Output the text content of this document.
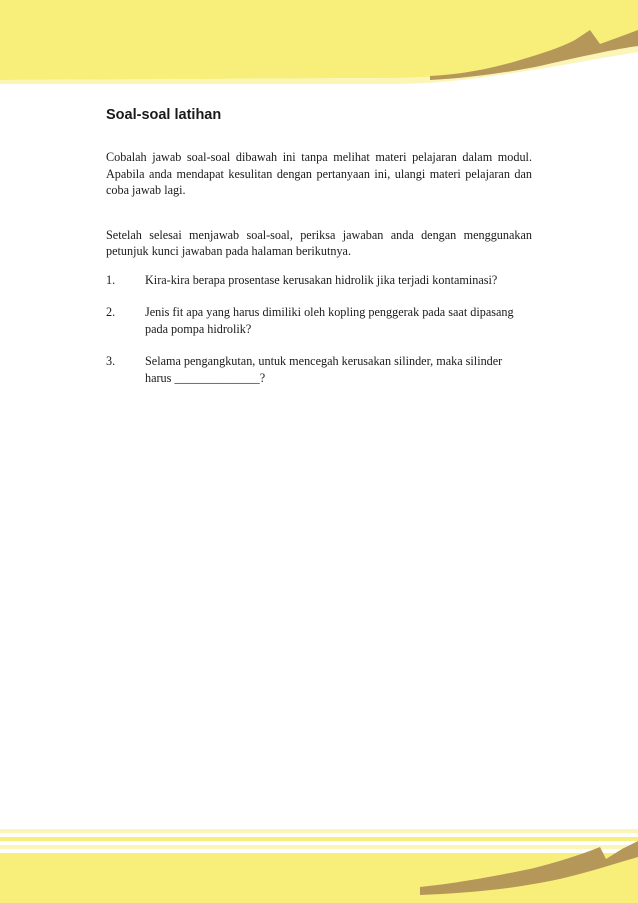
Soal-soal latihan

Cobalah jawab soal-soal dibawah ini tanpa melihat materi pelajaran dalam modul. Apabila anda mendapat kesulitan dengan pertanyaan ini, ulangi materi pelajaran dan coba jawab lagi.

Setelah selesai menjawab soal-soal, periksa jawaban anda dengan menggunakan petunjuk kunci jawaban pada halaman berikutnya.

1.	Kira-kira berapa prosentase kerusakan hidrolik jika terjadi kontaminasi?
2.	Jenis fit apa yang harus dimiliki oleh kopling penggerak pada saat dipasang pada pompa hidrolik?
3.	Selama pengangkutan, untuk mencegah kerusakan silinder, maka silinder harus ______________?
